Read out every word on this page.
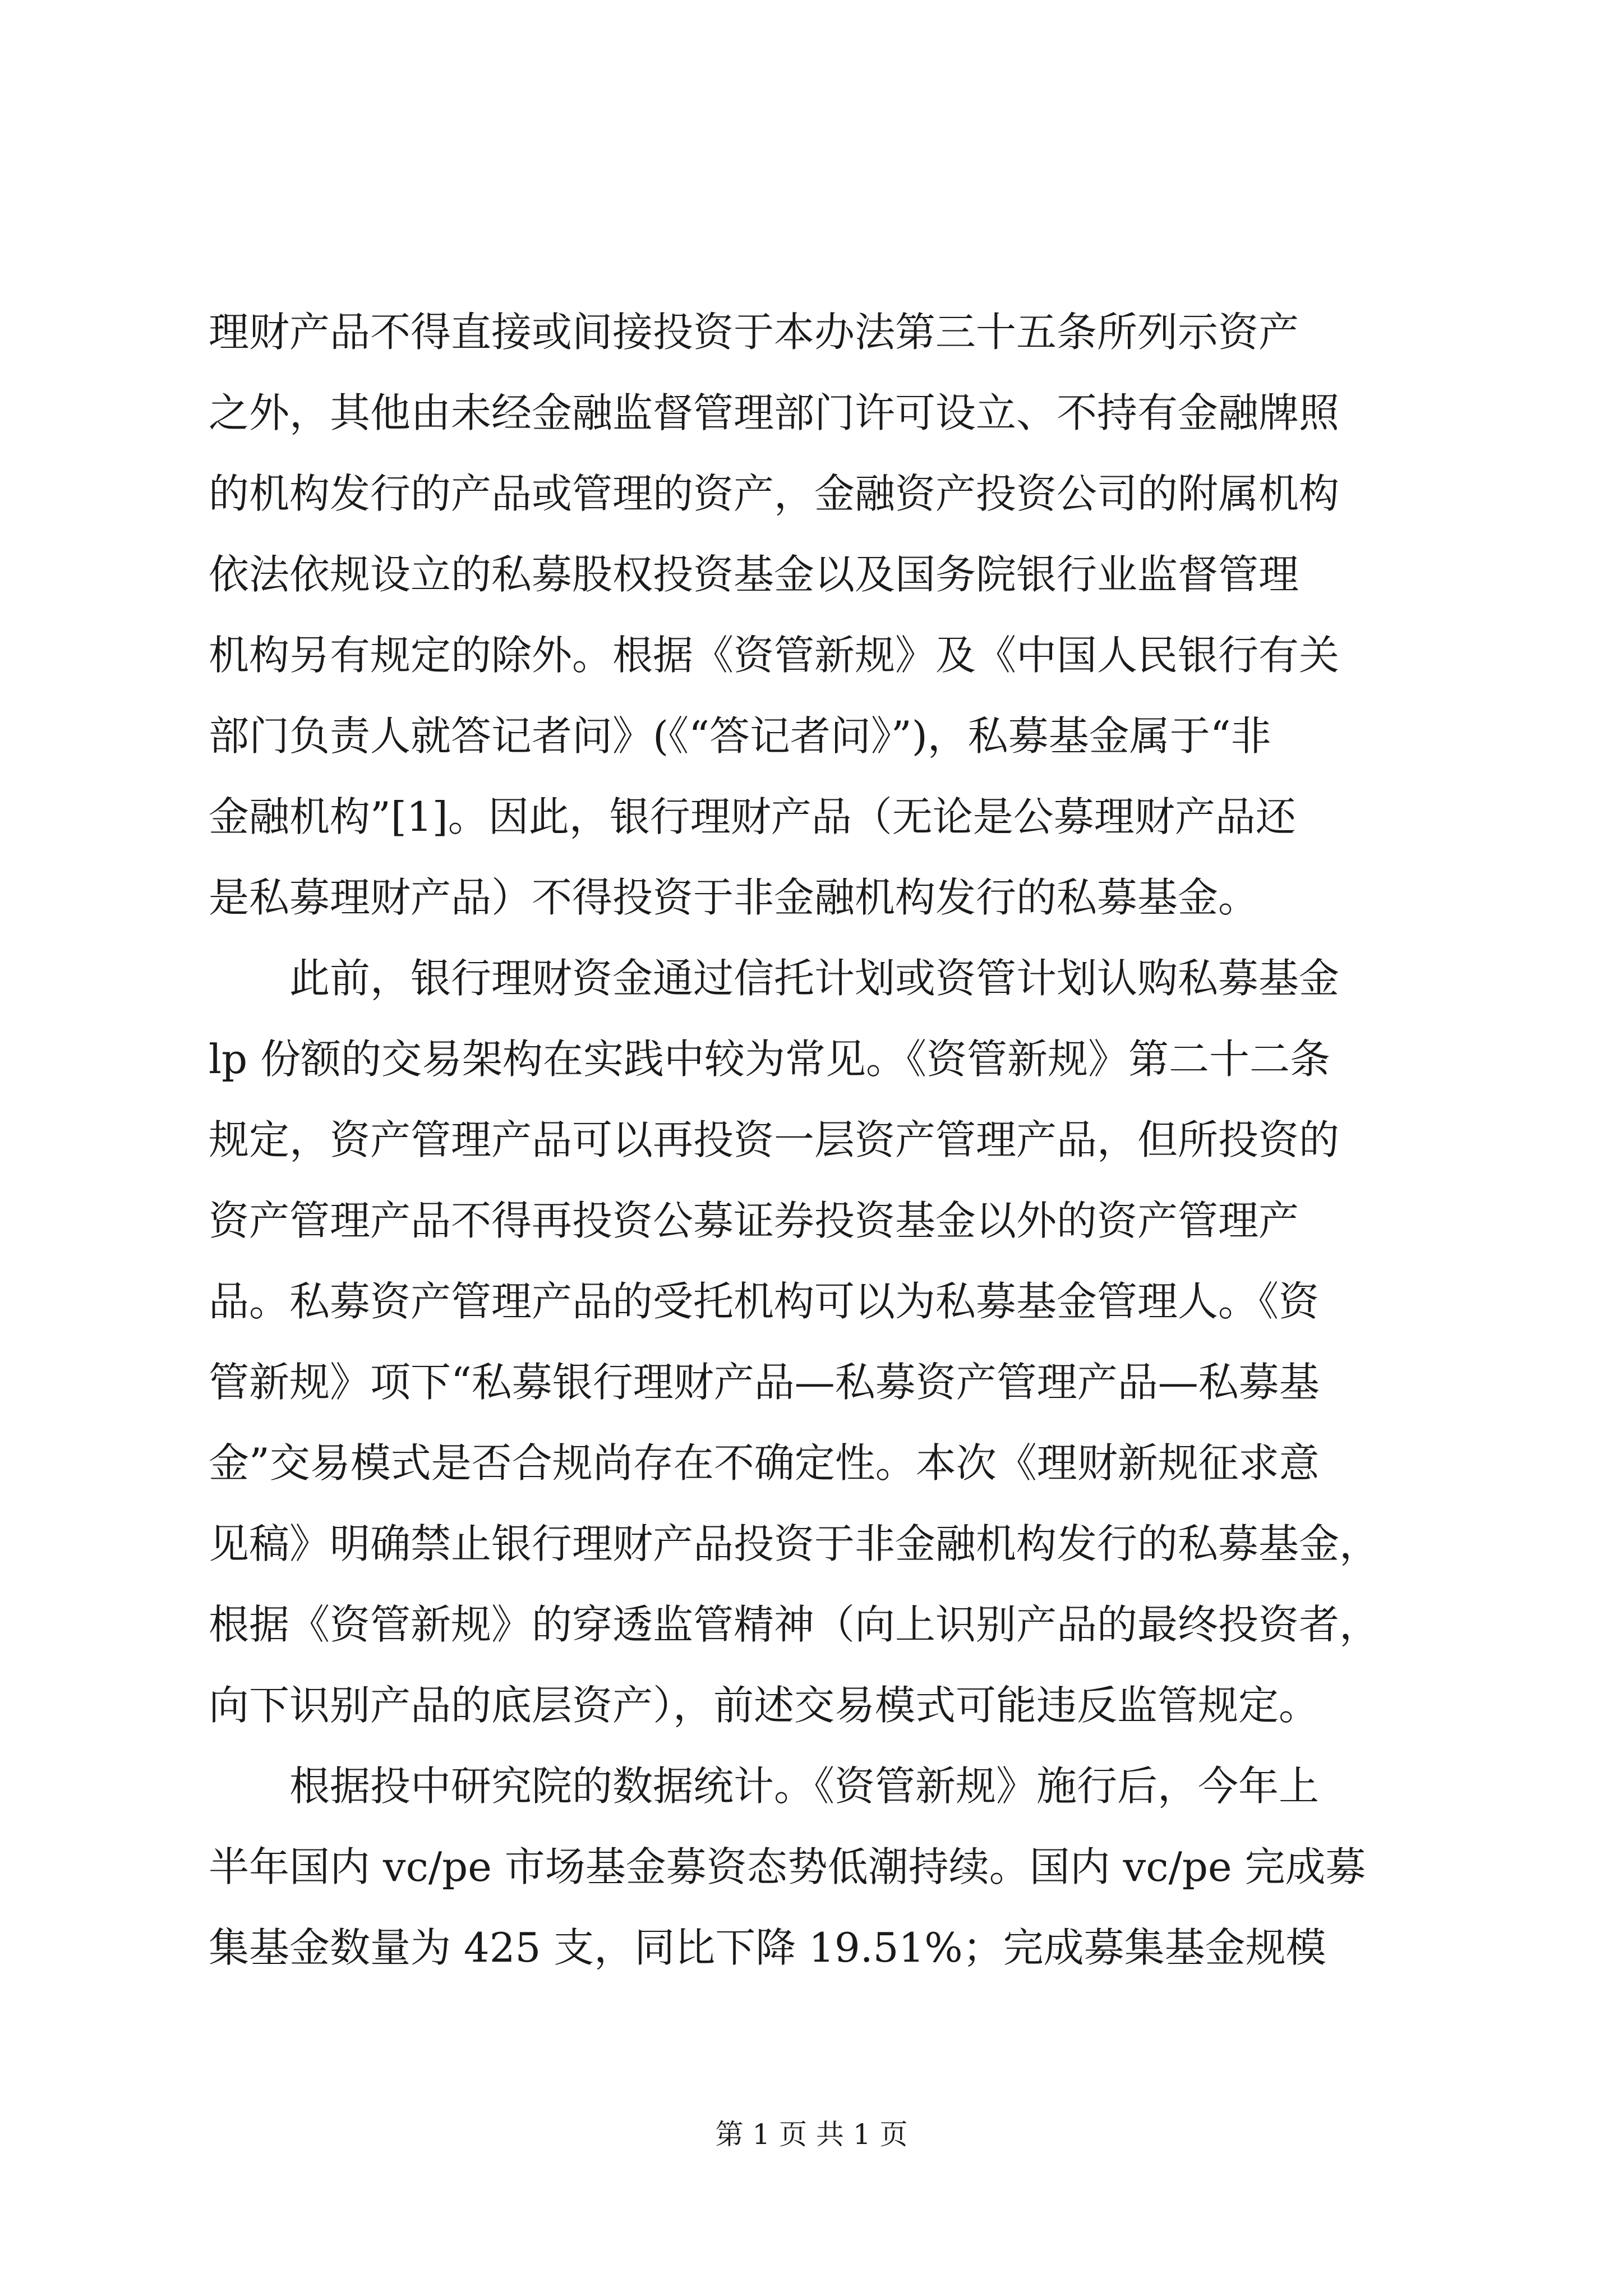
理财产品不得直接或间接投资于本办法第三十五条所列示资产
之外，其他由未经金融监督管理部门许可设立、不持有金融牌照
的机构发行的产品或管理的资产，金融资产投资公司的附属机构
依法依规设立的私募股权投资基金以及国务院银行业监督管理
机构另有规定的除外。根据《资管新规》及《中国人民银行有关
部门负责人就答记者问》(《“答记者问》”)，私募基金属于“非
金融机构”[1]。因此，银行理财产品（无论是公募理财产品还
是私募理财产品）不得投资于非金融机构发行的私募基金。
此前，银行理财资金通过信托计划或资管计划认购私募基金
lp 份额的交易架构在实践中较为常见。《资管新规》第二十二条
规定，资产管理产品可以再投资一层资产管理产品，但所投资的
资产管理产品不得再投资公募证券投资基金以外的资产管理产
品。私募资产管理产品的受托机构可以为私募基金管理人。《资
管新规》项下“私募银行理财产品—私募资产管理产品—私募基
金”交易模式是否合规尚存在不确定性。本次《理财新规征求意
见稿》明确禁止银行理财产品投资于非金融机构发行的私募基金，
根据《资管新规》的穿透监管精神（向上识别产品的最终投资者，
向下识别产品的底层资产），前述交易模式可能违反监管规定。
根据投中研究院的数据统计。《资管新规》施行后，今年上
半年国内 vc/pe 市场基金募资态势低潮持续。国内 vc/pe 完成募
集基金数量为 425 支，同比下降 19.51%；完成募集基金规模
第 1 页 共 1 页
